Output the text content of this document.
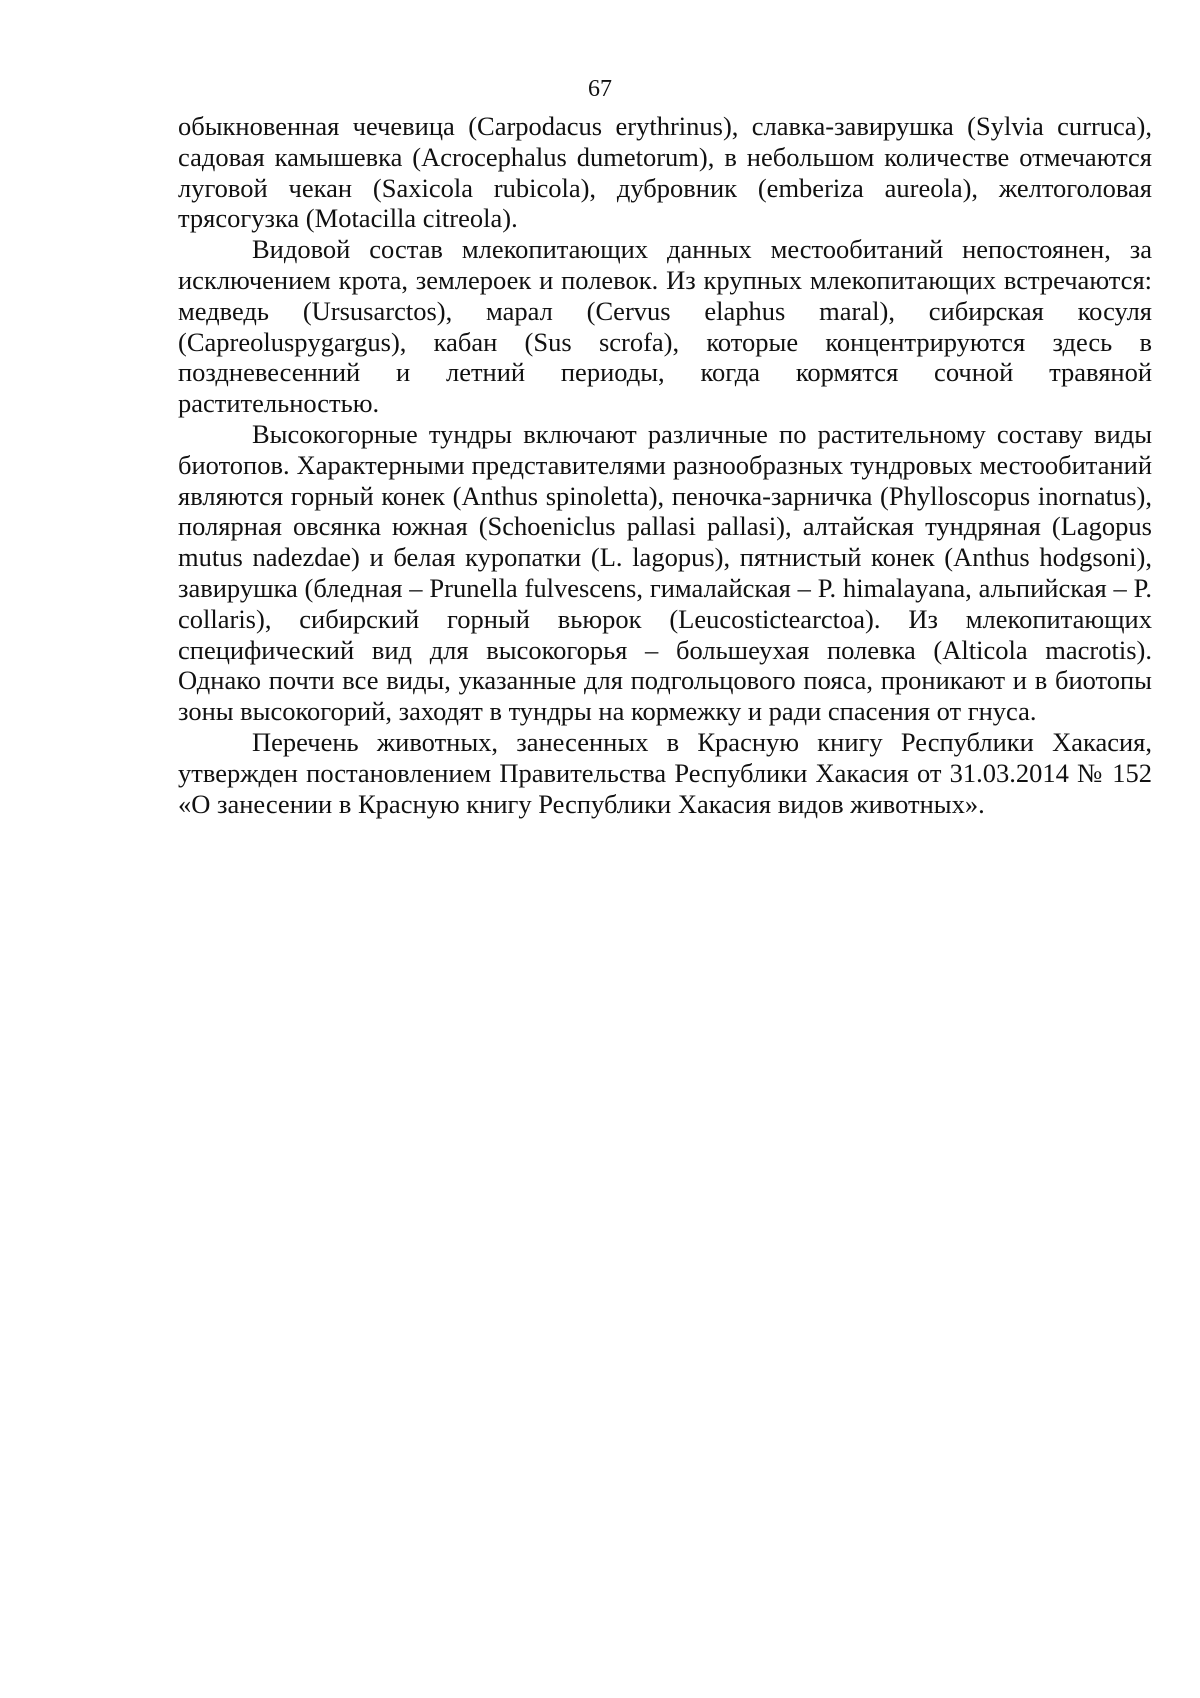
67

обыкновенная чечевица (Carpodacus erythrinus), славка-завирушка (Sylvia curruca), садовая камышевка (Acrocephalus dumetorum), в небольшом количестве отмечаются луговой чекан (Saxicola rubicola), дубровник (emberiza aureola), желтоголовая трясогузка (Motacilla citreola).

Видовой состав млекопитающих данных местообитаний непостоянен, за исключением крота, землероек и полевок. Из крупных млекопитающих встречаются: медведь (Ursusarctos), марал (Cervus elaphus maral), сибирская косуля (Capreoluspygargus), кабан (Sus scrofa), которые концентрируются здесь в поздневесенний и летний периоды, когда кормятся сочной травяной растительностью.

Высокогорные тундры включают различные по растительному составу виды биотопов. Характерными представителями разнообразных тундровых местообитаний являются горный конек (Anthus spinoletta), пеночка-зарничка (Phylloscopus inornatus), полярная овсянка южная (Schoeniclus pallasi pallasi), алтайская тундряная (Lagopus mutus nadezdae) и белая куропатки (L. lagopus), пятнистый конек (Anthus hodgsoni), завирушка (бледная – Prunella fulvescens, гималайская – P. himalayana, альпийская – P. collaris), сибирский горный вьюрок (Leucostictearctoa). Из млекопитающих специфический вид для высокогорья – большеухая полевка (Alticola macrotis). Однако почти все виды, указанные для подгольцового пояса, проникают и в биотопы зоны высокогорий, заходят в тундры на кормежку и ради спасения от гнуса.

Перечень животных, занесенных в Красную книгу Республики Хакасия, утвержден постановлением Правительства Республики Хакасия от 31.03.2014 № 152 «О занесении в Красную книгу Республики Хакасия видов животных».
